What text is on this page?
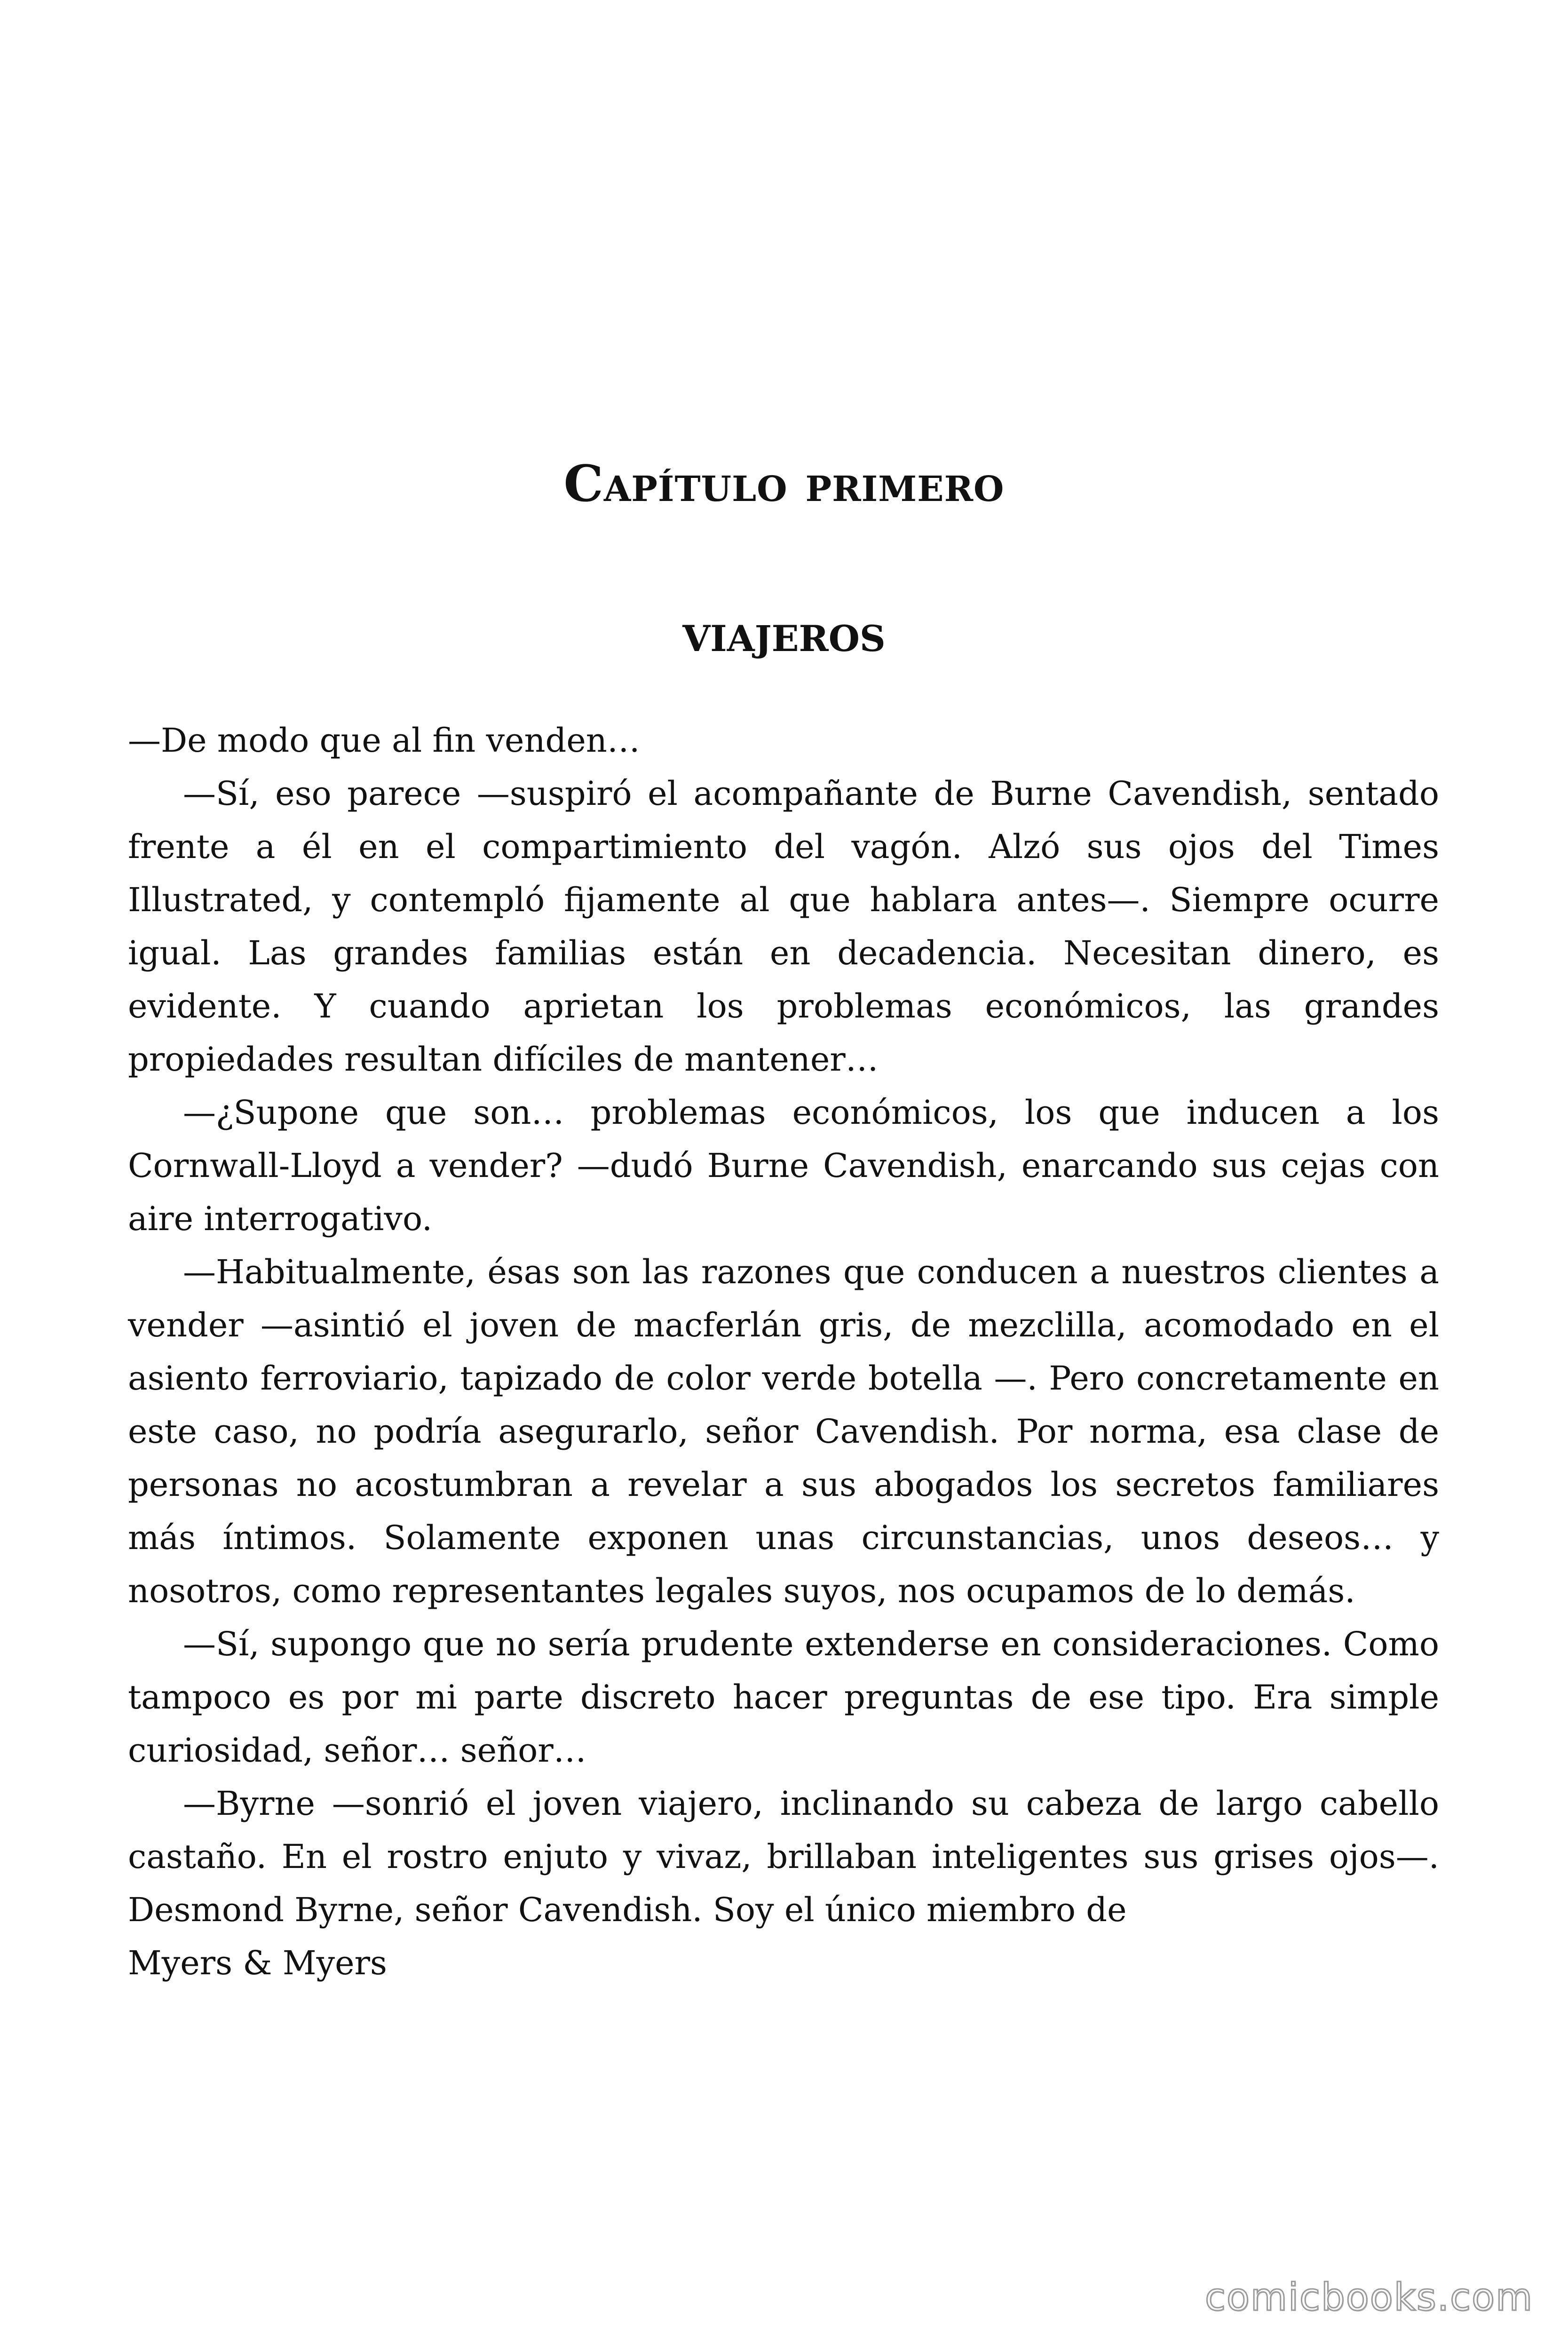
Capítulo primero
VIAJEROS

—De modo que al fin venden…

—Sí, eso parece —suspiró el acompañante de Burne Cavendish, sentado frente a él en el compartimiento del vagón. Alzó sus ojos del Times Illustrated, y contempló fijamente al que hablara antes—. Siempre ocurre igual. Las grandes familias están en decadencia. Necesitan dinero, es evidente. Y cuando aprietan los problemas económicos, las grandes propiedades resultan difíciles de mantener…

—¿Supone que son… problemas económicos, los que inducen a los Cornwall-Lloyd a vender? —dudó Burne Cavendish, enarcando sus cejas con aire interrogativo.

—Habitualmente, ésas son las razones que conducen a nuestros clientes a vender —asintió el joven de macferlán gris, de mezclilla, acomodado en el asiento ferroviario, tapizado de color verde botella —. Pero concretamente en este caso, no podría asegurarlo, señor Cavendish. Por norma, esa clase de personas no acostumbran a revelar a sus abogados los secretos familiares más íntimos. Solamente exponen unas circunstancias, unos deseos… y nosotros, como representantes legales suyos, nos ocupamos de lo demás.

—Sí, supongo que no sería prudente extenderse en consideraciones. Como tampoco es por mi parte discreto hacer preguntas de ese tipo. Era simple curiosidad, señor… señor…

—Byrne —sonrió el joven viajero, inclinando su cabeza de largo cabello castaño. En el rostro enjuto y vivaz, brillaban inteligentes sus grises ojos—. Desmond Byrne, señor Cavendish. Soy el único miembro de

Myers & Myers

comicbooks.com
